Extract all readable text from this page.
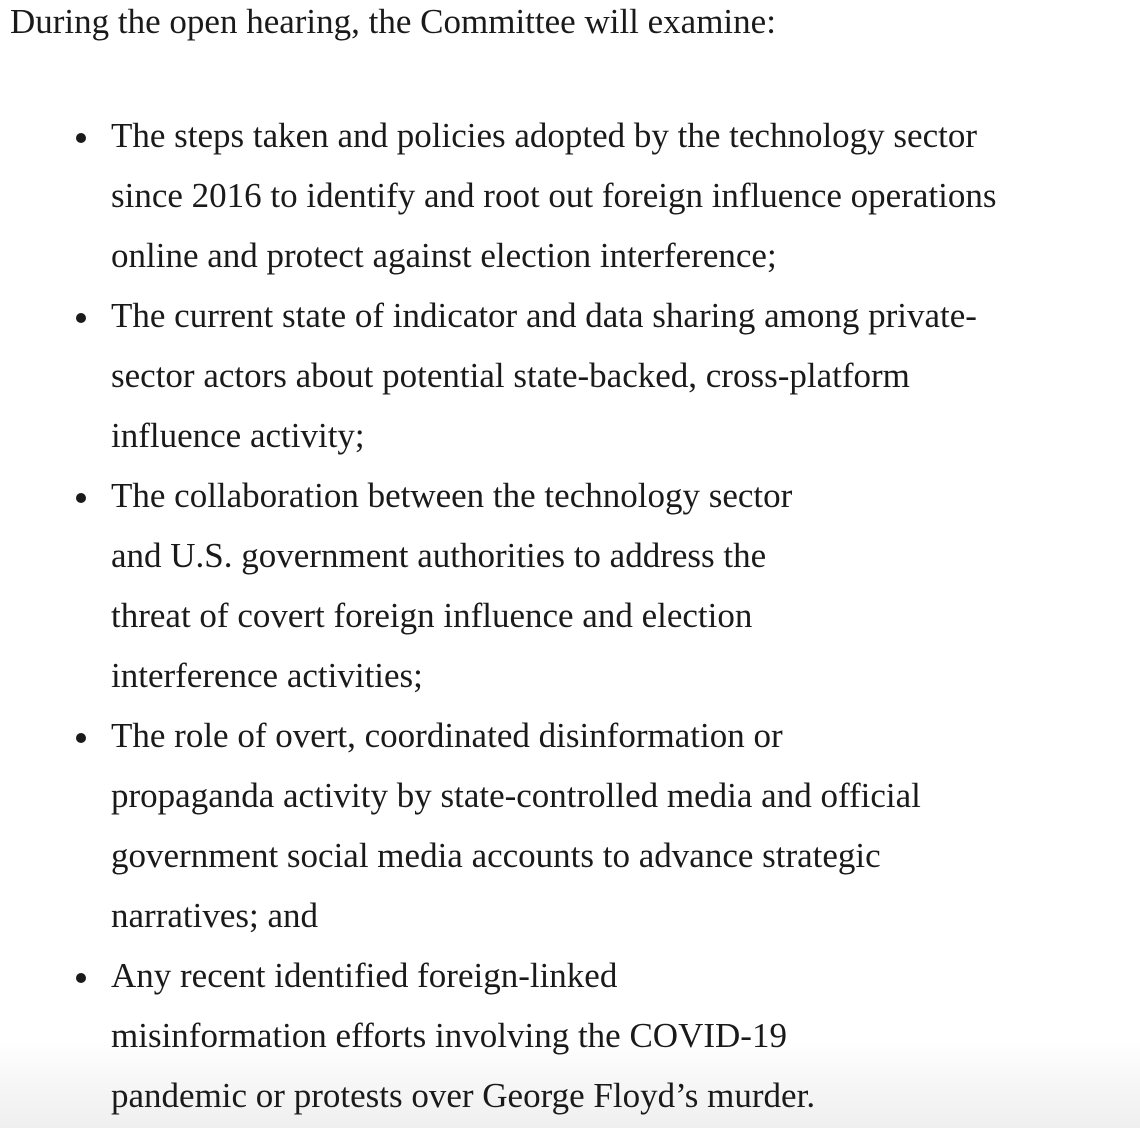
During the open hearing, the Committee will examine:

The steps taken and policies adopted by the technology sector
since 2016 to identify and root out foreign influence operations
online and protect against election interference;
The current state of indicator and data sharing among private-
sector actors about potential state-backed, cross-platform
influence activity;
The collaboration between the technology sector
and U.S. government authorities to address the
threat of covert foreign influence and election
interference activities;
The role of overt, coordinated disinformation or
propaganda activity by state-controlled media and official
government social media accounts to advance strategic
narratives; and
Any recent identified foreign-linked
misinformation efforts involving the COVID-19
pandemic or protests over George Floyd’s murder.
